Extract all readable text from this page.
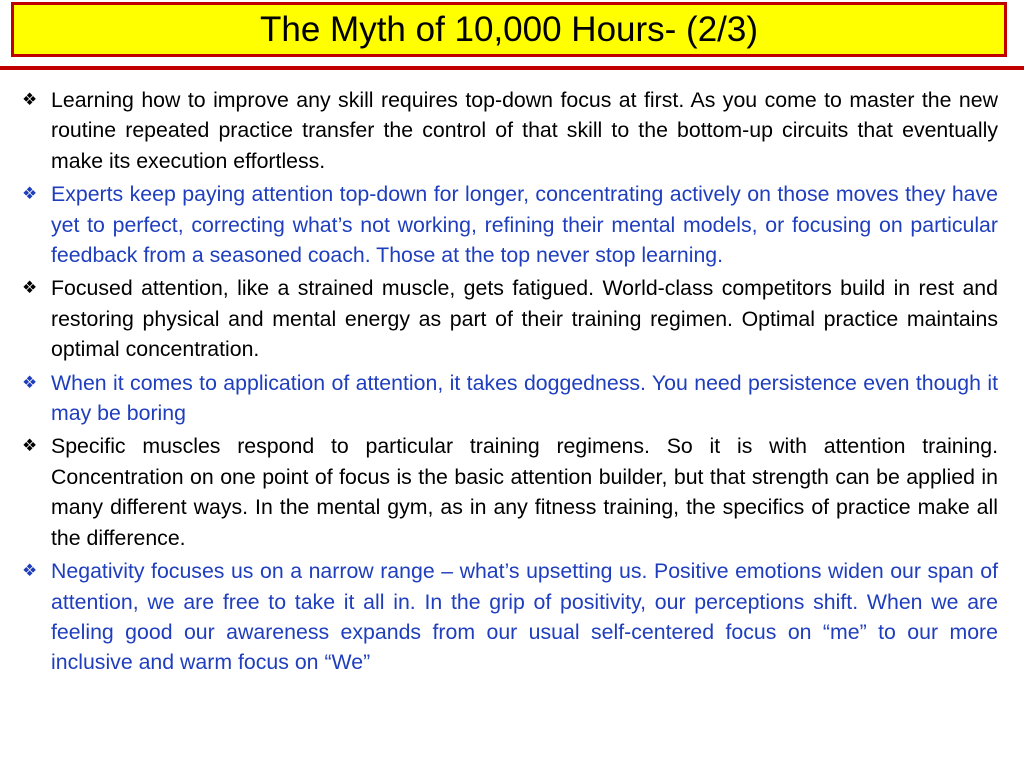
The Myth of 10,000 Hours- (2/3)
❖ Learning how to improve any skill requires top-down focus at first. As you come to master the new routine repeated practice transfer the control of that skill to the bottom-up circuits that eventually make its execution effortless.
❖ Experts keep paying attention top-down for longer, concentrating actively on those moves they have yet to perfect, correcting what’s not working, refining their mental models, or focusing on particular feedback from a seasoned coach. Those at the top never stop learning.
❖ Focused attention, like a strained muscle, gets fatigued. World-class competitors build in rest and restoring physical and mental energy as part of their training regimen. Optimal practice maintains optimal concentration.
❖ When it comes to application of attention, it takes doggedness. You need persistence even though it may be boring
❖ Specific muscles respond to particular training regimens. So it is with attention training. Concentration on one point of focus is the basic attention builder, but that strength can be applied in many different ways. In the mental gym, as in any fitness training, the specifics of practice make all the difference.
❖ Negativity focuses us on a narrow range – what’s upsetting us. Positive emotions widen our span of attention, we are free to take it all in. In the grip of positivity, our perceptions shift. When we are feeling good our awareness expands from our usual self-centered focus on “me” to our more inclusive and warm focus on “We”
